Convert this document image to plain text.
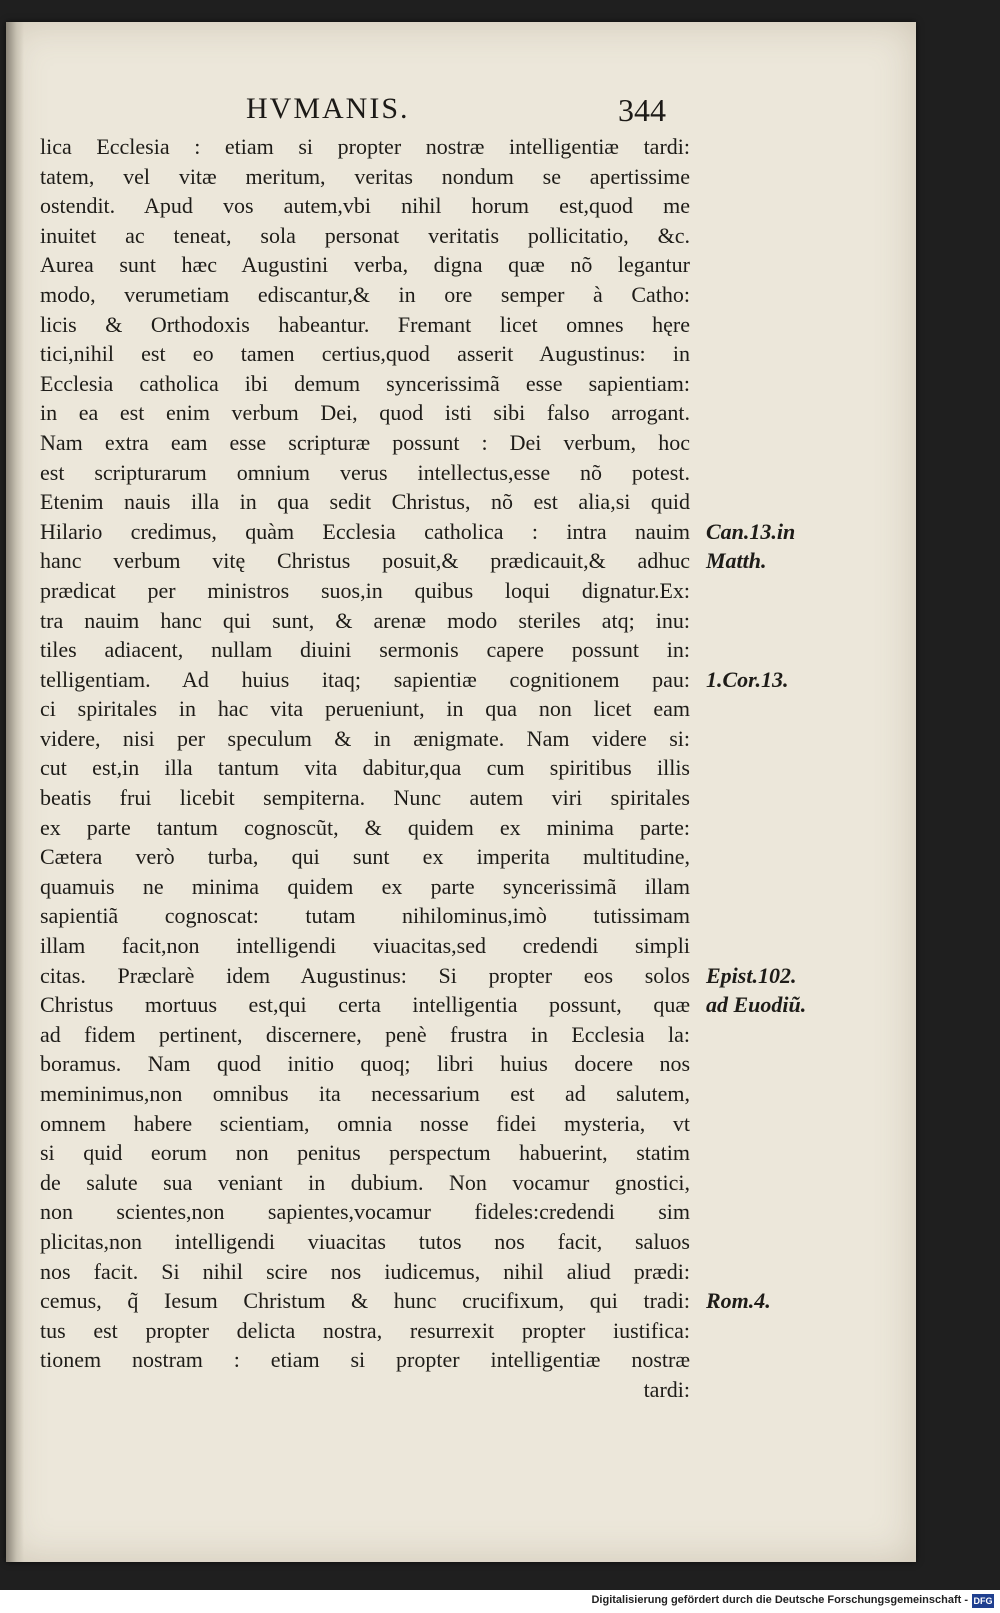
HVMANIS.	344
lica Ecclesia : etiam si propter nostræ intelligentiæ tardi:
tatem, vel vitæ meritum, veritas nondum se apertissime
ostendit. Apud vos autem,vbi nihil horum est,quod me
inuitet ac teneat, sola personat veritatis pollicitatio, &c.
Aurea sunt hæc Augustini verba, digna quæ nõ legantur
modo, verumetiam ediscantur,& in ore semper à Catho:
licis & Orthodoxis habeantur. Fremant licet omnes hęre
tici,nihil est eo tamen certius,quod asserit Augustinus: in
Ecclesia catholica ibi demum syncerissimã esse sapientiam:
in ea est enim verbum Dei, quod isti sibi falso arrogant.
Nam extra eam esse scripturæ possunt : Dei verbum, hoc
est scripturarum omnium verus intellectus,esse nõ potest.
Etenim nauis illa in qua sedit Christus, nõ est alia,si quid
Hilario credimus, quàm Ecclesia catholica : intra nauim
hanc verbum vitę Christus posuit,& prædicauit,& adhuc
prædicat per ministros suos,in quibus loqui dignatur.Ex:
tra nauim hanc qui sunt, & arenæ modo steriles atq; inu:
tiles adiacent, nullam diuini sermonis capere possunt in:
telligentiam. Ad huius itaq; sapientiæ cognitionem pau:
ci spiritales in hac vita perueniunt, in qua non licet eam
videre, nisi per speculum & in ænigmate. Nam videre si:
cut est,in illa tantum vita dabitur,qua cum spiritibus illis
beatis frui licebit sempiterna. Nunc autem viri spiritales
ex parte tantum cognoscũt, & quidem ex minima parte:
Cætera verò turba, qui sunt ex imperita multitudine,
quamuis ne minima quidem ex parte syncerissimã illam
sapientiã cognoscat: tutam nihilominus,imò tutissimam
illam facit,non intelligendi viuacitas,sed credendi simpli
citas. Præclarè idem Augustinus: Si propter eos solos
Christus mortuus est,qui certa intelligentia possunt, quæ
ad fidem pertinent, discernere, penè frustra in Ecclesia la:
boramus. Nam quod initio quoq; libri huius docere nos
meminimus,non omnibus ita necessarium est ad salutem,
omnem habere scientiam, omnia nosse fidei mysteria, vt
si quid eorum non penitus perspectum habuerint, statim
de salute sua veniant in dubium. Non vocamur gnostici,
non scientes,non sapientes,vocamur fideles:credendi sim
plicitas,non intelligendi viuacitas tutos nos facit, saluos
nos facit. Si nihil scire nos iudicemus, nihil aliud prædi:
cemus, q̃ Iesum Christum & hunc crucifixum, qui tradi:
tus est propter delicta nostra, resurrexit propter iustifica:
tionem nostram : etiam si propter intelligentiæ nostræ
tardi:
Can.13.in
Matth.
1.Cor.13.
Epist.102.
ad Euodiũ.
Rom.4.
Digitalisierung gefördert durch die Deutsche Forschungsgemeinschaft - DFG
